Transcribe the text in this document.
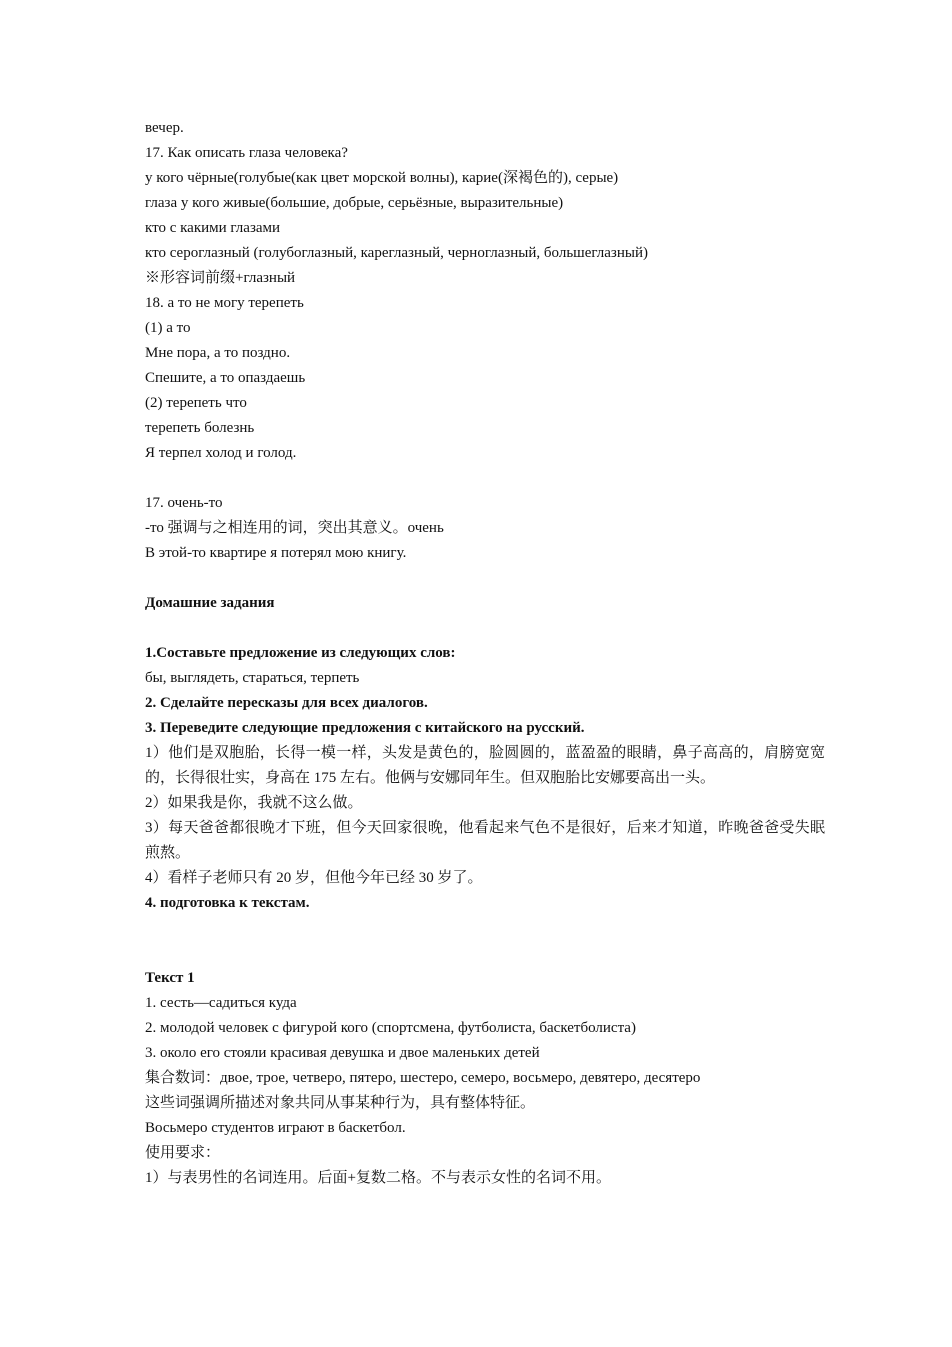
вечер.
17. Как описать глаза человека?
у кого чёрные(голубые(как цвет морской волны), карие(深褐色的), серые)
глаза у кого живые(большие, добрые, серьёзные, выразительные)
кто с какими глазами
кто сероглазный (голубоглазный, кареглазный, черноглазный, большеглазный)
※形容词前缀+глазный
18. а то не могу терепеть
(1) а то
Мне пора, а то поздно.
Спешите, а то опаздаешь
(2) терепеть что
терепеть болезнь
Я терпел холод и голод.
17. очень-то
-то 强调与之相连用的词，突出其意义。очень
В этой-то квартире я потерял мою книгу.
Домашние задания
1.Составьте предложение из следующих слов:
бы, выглядеть, стараться, терпеть
2. Сделайте пересказы для всех диалогов.
3. Переведите следующие предложения с китайского на русский.
1）他们是双胞胎，长得一模一样，头发是黄色的，脸圆圆的，蓝盈盈的眼睛，鼻子高高的，肩膀宽宽的，长得很壮实，身高在 175 左右。他俩与安娜同年生。但双胞胎比安娜要高出一头。
2）如果我是你，我就不这么做。
3）每天爸爸都很晚才下班，但今天回家很晚，他看起来气色不是很好，后来才知道，昨晚爸爸受失眠煎熬。
4）看样子老师只有 20 岁，但他今年已经 30 岁了。
4. подготовка к текстам.
Текст 1
1. сесть—садиться куда
2. молодой человек с фигурой кого (спортсмена, футболиста, баскетболиста)
3. около его стояли красивая девушка и двое маленьких детей
集合数词：двое, трое, четверо, пятеро, шестеро, семеро, восьмеро, девятеро, десятеро
这些词强调所描述对象共同从事某种行为，具有整体特征。
Восьмеро студентов играют в баскетбол.
使用要求：
1）与表男性的名词连用。后面+复数二格。不与表示女性的名词不用。
